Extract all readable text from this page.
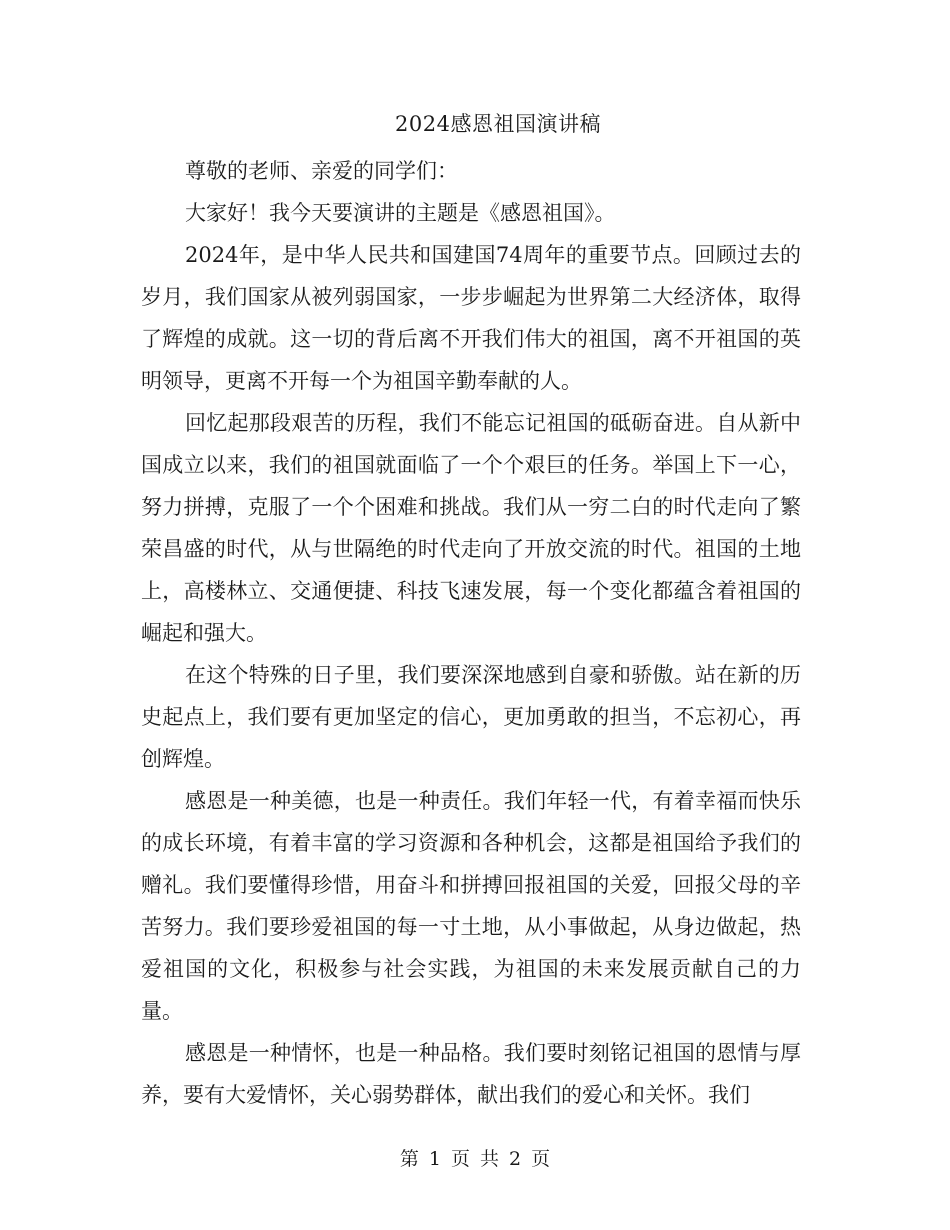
2024感恩祖国演讲稿

尊敬的老师、亲爱的同学们：

大家好！我今天要演讲的主题是《感恩祖国》。

2024年，是中华人民共和国建国74周年的重要节点。回顾过去的岁月，我们国家从被列弱国家，一步步崛起为世界第二大经济体，取得了辉煌的成就。这一切的背后离不开我们伟大的祖国，离不开祖国的英明领导，更离不开每一个为祖国辛勤奉献的人。

回忆起那段艰苦的历程，我们不能忘记祖国的砥砺奋进。自从新中国成立以来，我们的祖国就面临了一个个艰巨的任务。举国上下一心，努力拼搏，克服了一个个困难和挑战。我们从一穷二白的时代走向了繁荣昌盛的时代，从与世隔绝的时代走向了开放交流的时代。祖国的土地上，高楼林立、交通便捷、科技飞速发展，每一个变化都蕴含着祖国的崛起和强大。

在这个特殊的日子里，我们要深深地感到自豪和骄傲。站在新的历史起点上，我们要有更加坚定的信心，更加勇敢的担当，不忘初心，再创辉煌。

感恩是一种美德，也是一种责任。我们年轻一代，有着幸福而快乐的成长环境，有着丰富的学习资源和各种机会，这都是祖国给予我们的赠礼。我们要懂得珍惜，用奋斗和拼搏回报祖国的关爱，回报父母的辛苦努力。我们要珍爱祖国的每一寸土地，从小事做起，从身边做起，热爱祖国的文化，积极参与社会实践，为祖国的未来发展贡献自己的力量。

感恩是一种情怀，也是一种品格。我们要时刻铭记祖国的恩情与厚养，要有大爱情怀，关心弱势群体，献出我们的爱心和关怀。我们

第 1 页 共 2 页
